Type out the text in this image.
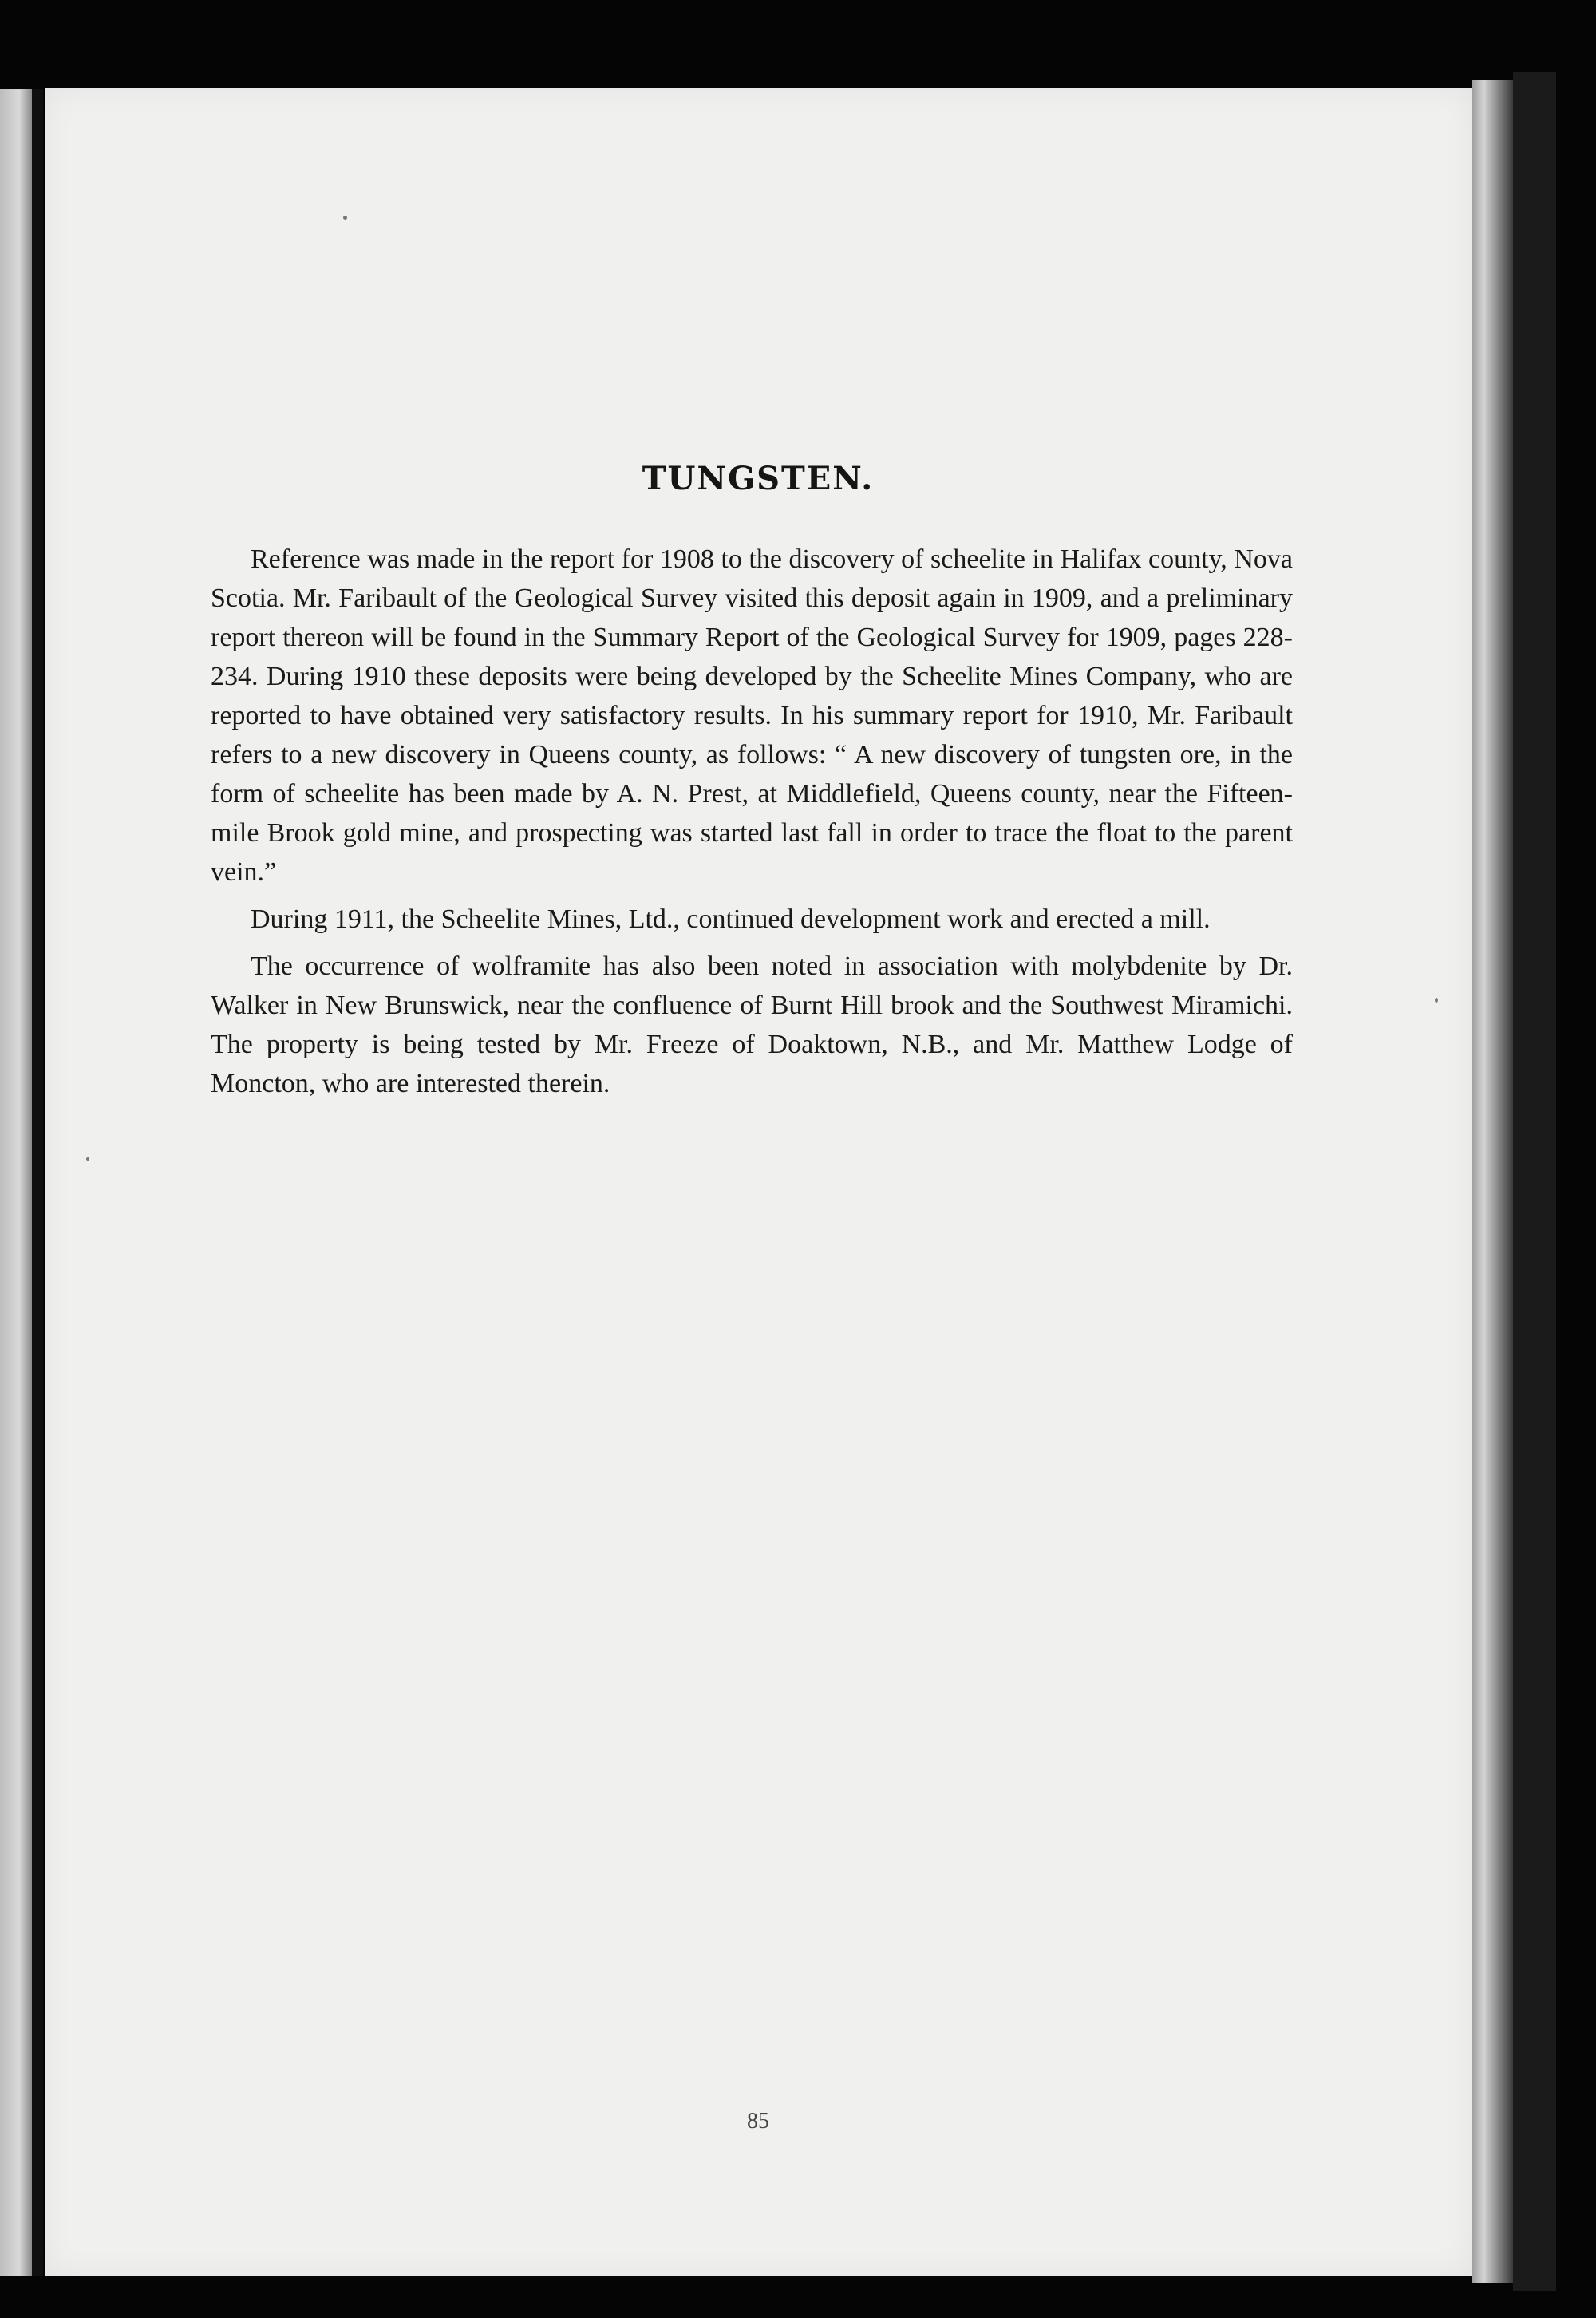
TUNGSTEN.

Reference was made in the report for 1908 to the discovery of scheelite in Halifax county, Nova Scotia. Mr. Faribault of the Geological Survey visited this deposit again in 1909, and a preliminary report thereon will be found in the Summary Report of the Geological Survey for 1909, pages 228-234. During 1910 these deposits were being developed by the Scheelite Mines Company, who are reported to have obtained very satisfactory results. In his summary report for 1910, Mr. Faribault refers to a new discovery in Queens county, as follows: “ A new discovery of tungsten ore, in the form of scheelite has been made by A. N. Prest, at Middlefield, Queens county, near the Fifteen-mile Brook gold mine, and prospecting was started last fall in order to trace the float to the parent vein.”

During 1911, the Scheelite Mines, Ltd., continued development work and erected a mill.

The occurrence of wolframite has also been noted in association with molybdenite by Dr. Walker in New Brunswick, near the confluence of Burnt Hill brook and the Southwest Miramichi. The property is being tested by Mr. Freeze of Doaktown, N.B., and Mr. Matthew Lodge of Moncton, who are interested therein.

85
